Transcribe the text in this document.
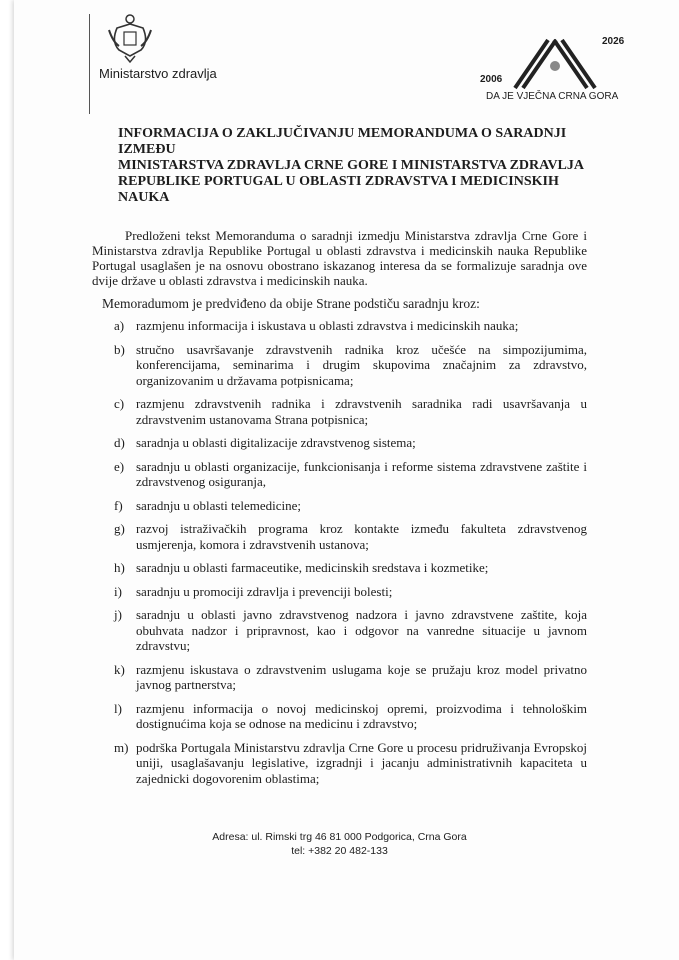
Ministarstvo zdravlja	2006
2026
DA JE VJEČNA CRNA GORA
INFORMACIJA O ZAKLJUČIVANJU MEMORANDUMA O SARADNJI IZMEĐU
MINISTARSTVA ZDRAVLJA CRNE GORE I MINISTARSTVA ZDRAVLJA
REPUBLIKE PORTUGAL U OBLASTI ZDRAVSTVA I MEDICINSKIH NAUKA

Predloženi tekst Memoranduma o saradnji izmedju Ministarstva zdravlja Crne Gore i Ministarstva zdravlja Republike Portugal u oblasti zdravstva i medicinskih nauka Republike Portugal usaglašen je na osnovu obostrano iskazanog interesa da se formalizuje saradnja ove dvije države u oblasti zdravstva i medicinskih nauka.

Memoradumom je predviđeno da obije Strane podstiču saradnju kroz:
a) razmjenu informacija i iskustava u oblasti zdravstva i medicinskih nauka;
b) stručno usavršavanje zdravstvenih radnika kroz učešće na simpozijumima, konferencijama, seminarima i drugim skupovima značajnim za zdravstvo, organizovanim u državama potpisnicama;
c) razmjenu zdravstvenih radnika i zdravstvenih saradnika radi usavršavanja u zdravstvenim ustanovama Strana potpisnica;
d) saradnja u oblasti digitalizacije zdravstvenog sistema;
e) saradnju u oblasti organizacije, funkcionisanja i reforme sistema zdravstvene zaštite i zdravstvenog osiguranja,
f) saradnju u oblasti telemedicine;
g) razvoj istraživačkih programa kroz kontakte između fakulteta zdravstvenog usmjerenja, komora i zdravstvenih ustanova;
h) saradnju u oblasti farmaceutike, medicinskih sredstava i kozmetike;
i) saradnju u promociji zdravlja i prevenciji bolesti;
j) saradnju u oblasti javno zdravstvenog nadzora i javno zdravstvene zaštite, koja obuhvata nadzor i pripravnost, kao i odgovor na vanredne situacije u javnom zdravstvu;
k) razmjenu iskustava o zdravstvenim uslugama koje se pružaju kroz model privatno javnog partnerstva;
l) razmjenu informacija o novoj medicinskoj opremi, proizvodima i tehnološkim dostignućima koja se odnose na medicinu i zdravstvo;
m) podrška Portugala Ministarstvu zdravlja Crne Gore u procesu pridruživanja Evropskoj uniji, usaglašavanju legislative, izgradnji i jacanju administrativnih kapaciteta u zajednicki dogovorenim oblastima;
Adresa: ul. Rimski trg 46 81 000 Podgorica, Crna Gora
tel: +382 20 482-133
